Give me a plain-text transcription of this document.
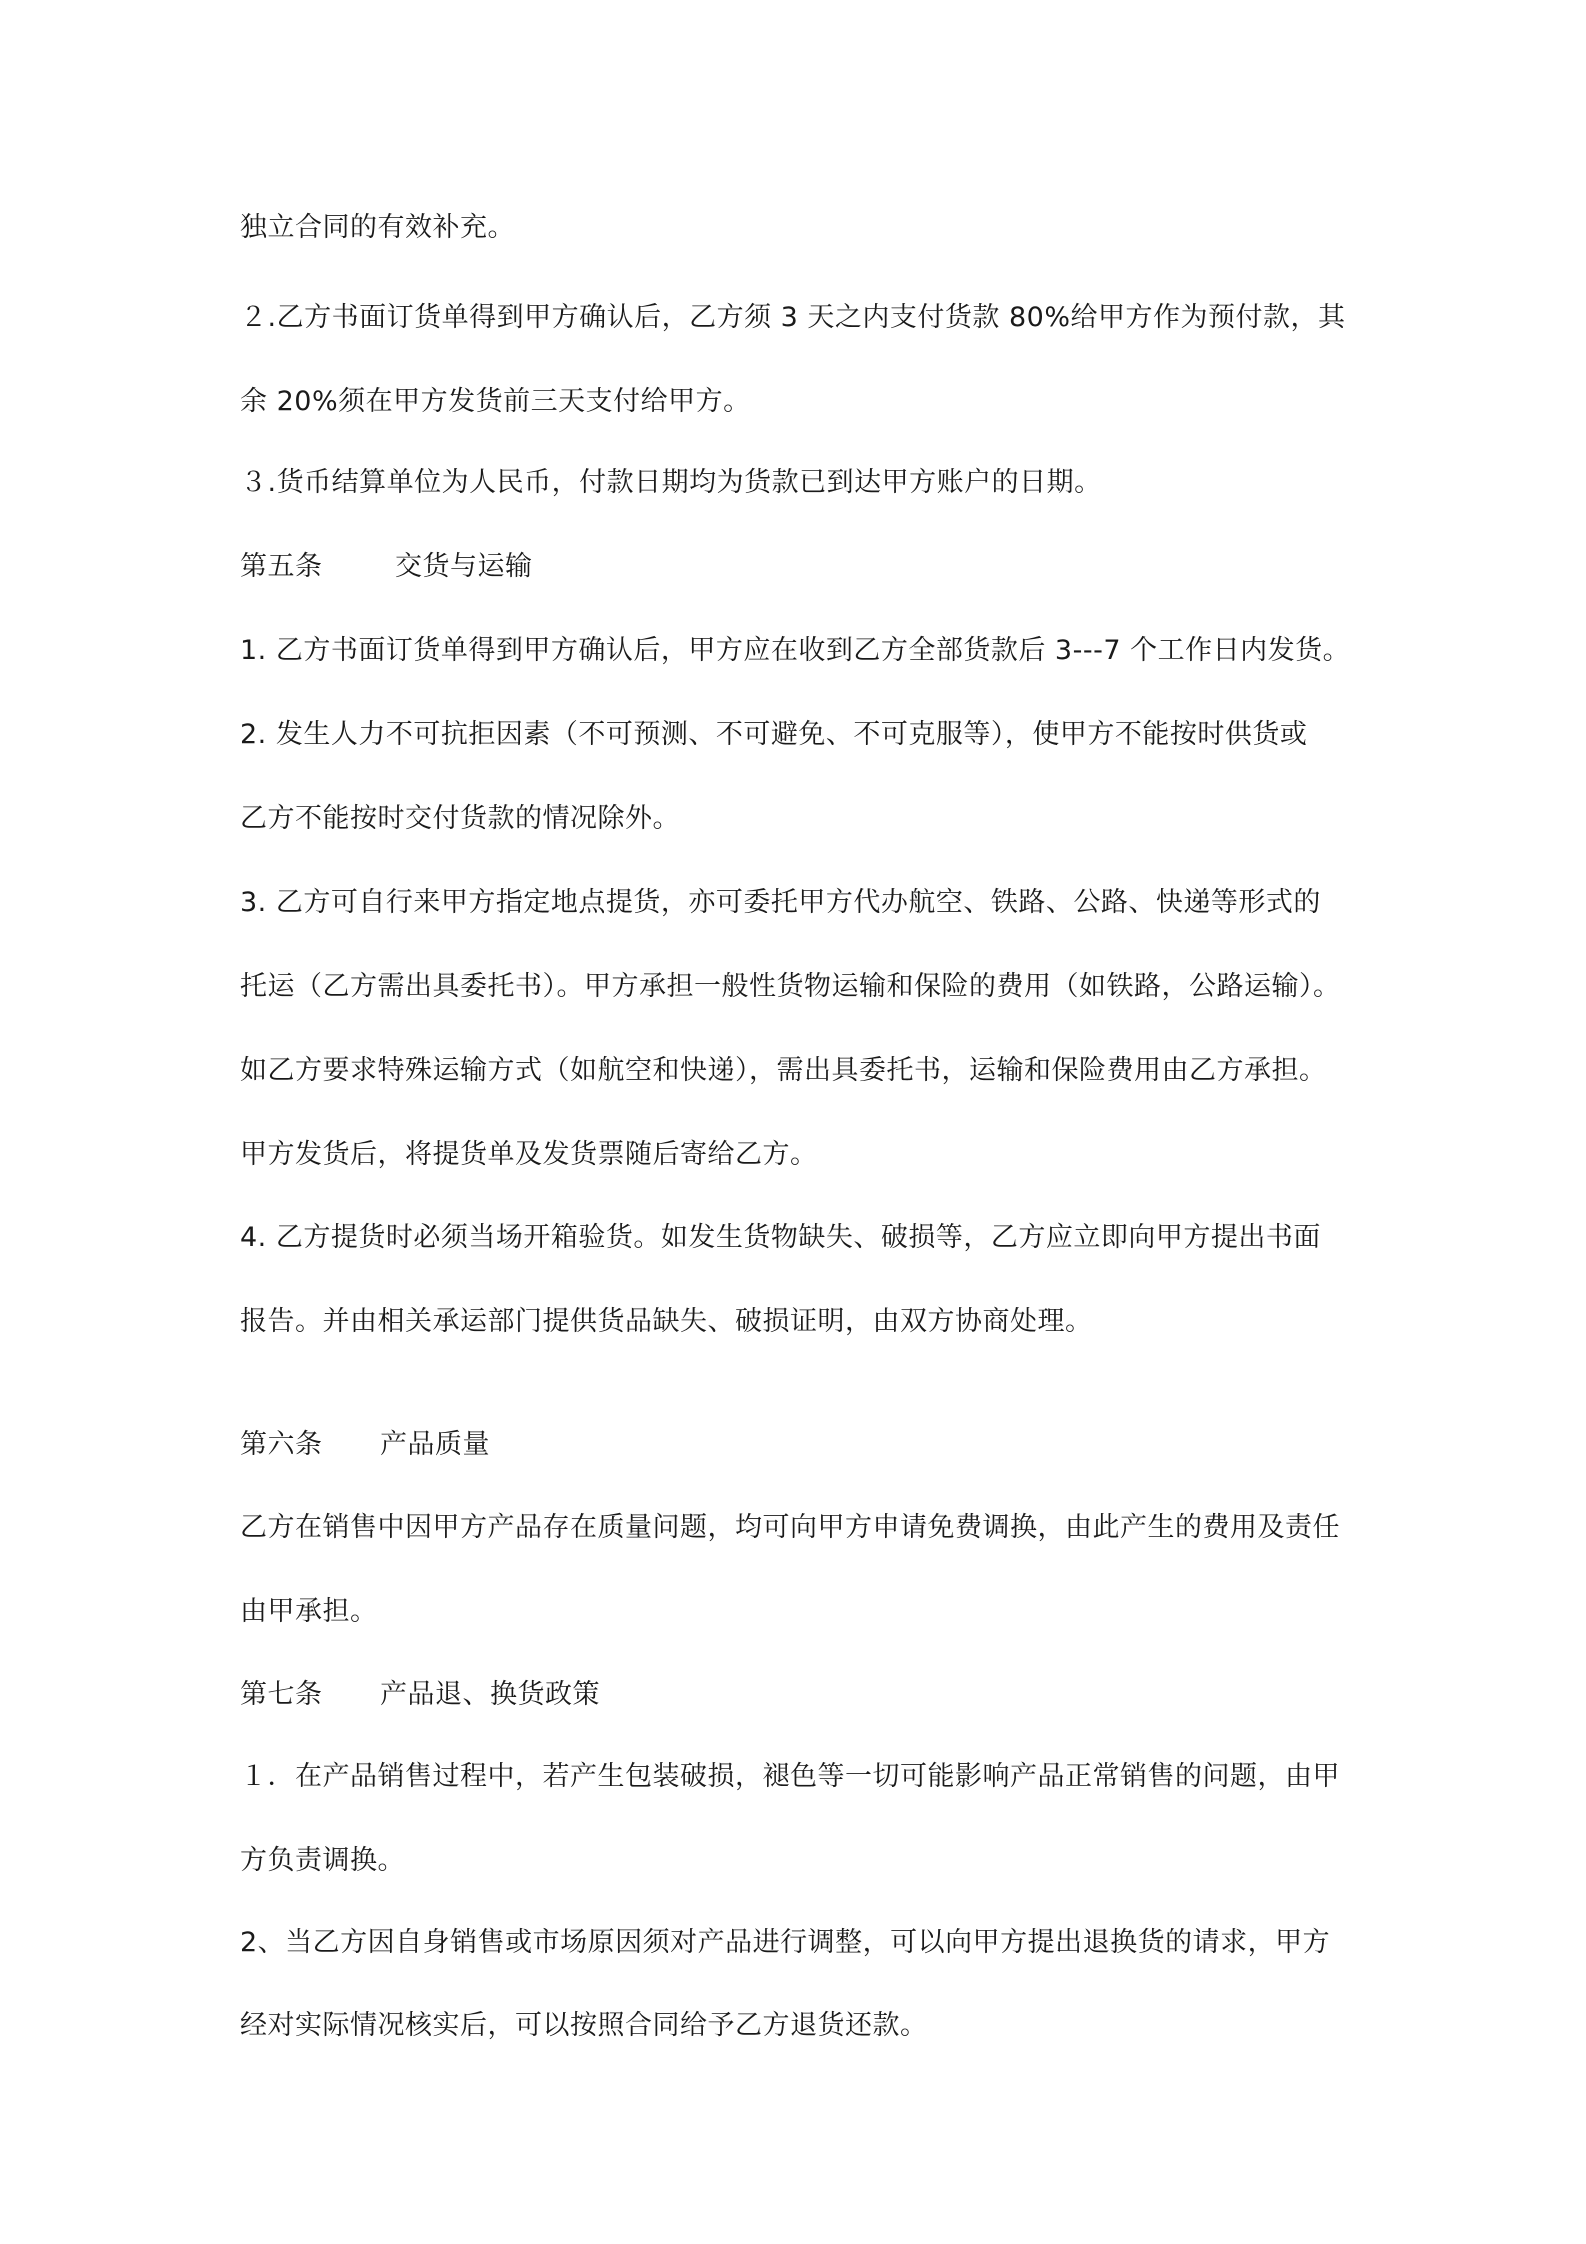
独立合同的有效补充。
２.乙方书面订货单得到甲方确认后，乙方须 3 天之内支付货款 80%给甲方作为预付款，其
余 20%须在甲方发货前三天支付给甲方。
３.货币结算单位为人民币，付款日期均为货款已到达甲方账户的日期。
第五条	交货与运输
1. 乙方书面订货单得到甲方确认后，甲方应在收到乙方全部货款后 3---7 个工作日内发货。
2. 发生人力不可抗拒因素（不可预测、不可避免、不可克服等），使甲方不能按时供货或
乙方不能按时交付货款的情况除外。
3. 乙方可自行来甲方指定地点提货，亦可委托甲方代办航空、铁路、公路、快递等形式的
托运（乙方需出具委托书）。甲方承担一般性货物运输和保险的费用（如铁路，公路运输）。
如乙方要求特殊运输方式（如航空和快递），需出具委托书，运输和保险费用由乙方承担。
甲方发货后，将提货单及发货票随后寄给乙方。
4. 乙方提货时必须当场开箱验货。如发生货物缺失、破损等，乙方应立即向甲方提出书面
报告。并由相关承运部门提供货品缺失、破损证明，由双方协商处理。
第六条 产品质量
乙方在销售中因甲方产品存在质量问题，均可向甲方申请免费调换，由此产生的费用及责任
由甲承担。
第七条 产品退、换货政策
１．在产品销售过程中，若产生包装破损，褪色等一切可能影响产品正常销售的问题，由甲
方负责调换。
2、当乙方因自身销售或市场原因须对产品进行调整，可以向甲方提出退换货的请求，甲方
经对实际情况核实后，可以按照合同给予乙方退货还款。
